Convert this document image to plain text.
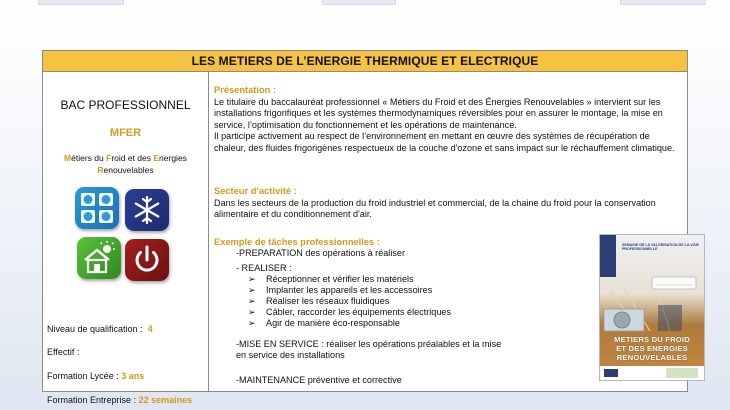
LES METIERS DE L’ENERGIE THERMIQUE ET ELECTRIQUE
BAC PROFESSIONNEL
MFER
Métiers du Froid et des Energies
Renouvelables
Niveau de qualification : 4
Effectif :
Formation Lycée : 3 ans
Formation Entreprise : 22 semaines
Présentation :
Le titulaire du baccalauréat professionnel « Métiers du Froid et des Énergies Renouvelables » intervient sur les installations frigorifiques et les systèmes thermodynamiques réversibles pour en assurer le montage, la mise en service, l’optimisation du fonctionnement et les opérations de maintenance.
Il participe activement au respect de l’environnement en mettant en œuvre des systèmes de récupération de chaleur, des fluides frigorigènes respectueux de la couche d'ozone et sans impact sur le réchauffement climatique.
Secteur d’activité :
Dans les secteurs de la production du froid industriel et commercial, de la chaine du froid pour la conservation alimentaire et du conditionnement d'air.
Exemple de tâches professionnelles :
-PREPARATION des opérations à réaliser
- REALISER :
➢ Réceptionner et vérifier les matériels
➢ Implanter les appareils et les accessoires
➢ Réaliser les réseaux fluidiques
➢ Câbler, raccorder les équipements électriques
➢ Agir de manière éco-responsable
-MISE EN SERVICE : réaliser les opérations préalables et la mise
en service des installations
-MAINTENANCE préventive et corrective
SEMAINE DE LA VALORISATION DE LA VOIE PROFESSIONNELLE
METIERS DU FROID
ET DES ENERGIES
RENOUVELABLES
